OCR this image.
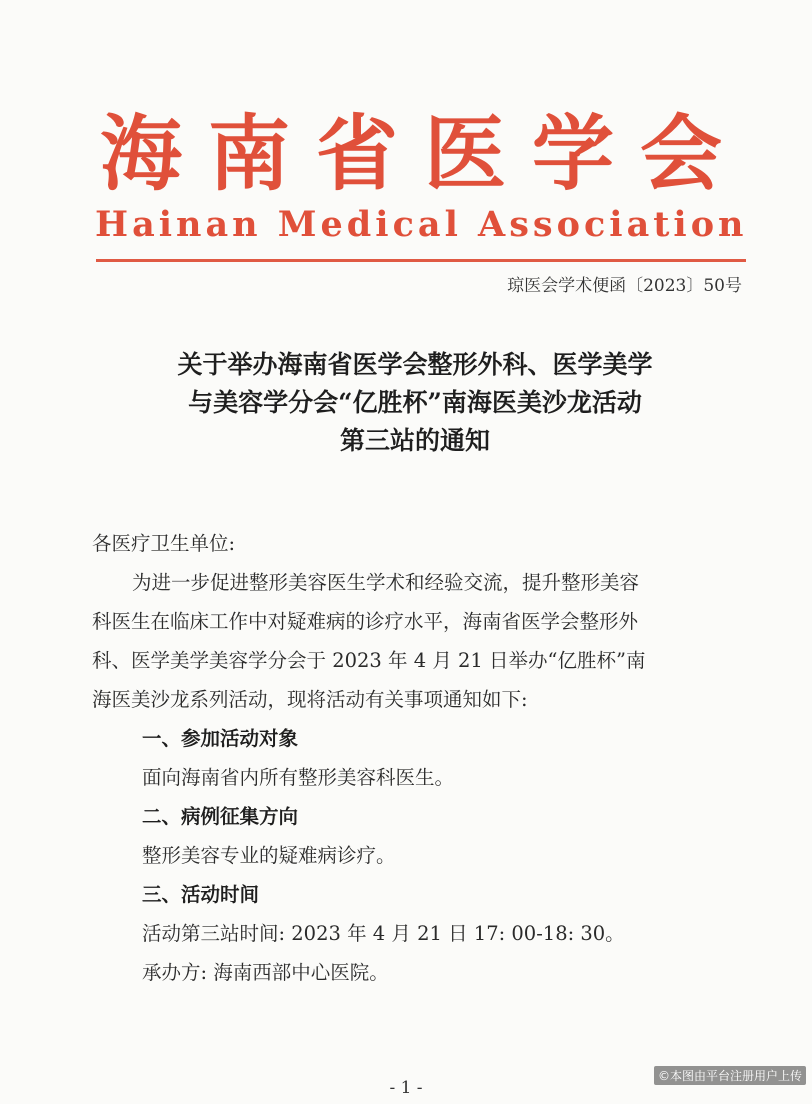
海南省医学会
Hainan Medical Association
琼医会学术便函〔2023〕50号
关于举办海南省医学会整形外科、医学美学
与美容学分会“亿胜杯”南海医美沙龙活动
第三站的通知
各医疗卫生单位:
为进一步促进整形美容医生学术和经验交流，提升整形美容
科医生在临床工作中对疑难病的诊疗水平，海南省医学会整形外
科、医学美学美容学分会于 2023 年 4 月 21 日举办“亿胜杯”南
海医美沙龙系列活动，现将活动有关事项通知如下:
一、参加活动对象
面向海南省内所有整形美容科医生。
二、病例征集方向
整形美容专业的疑难病诊疗。
三、活动时间
活动第三站时间: 2023 年 4 月 21 日 17: 00-18: 30。
承办方: 海南西部中心医院。
- 1 -
©本图由平台注册用户上传
